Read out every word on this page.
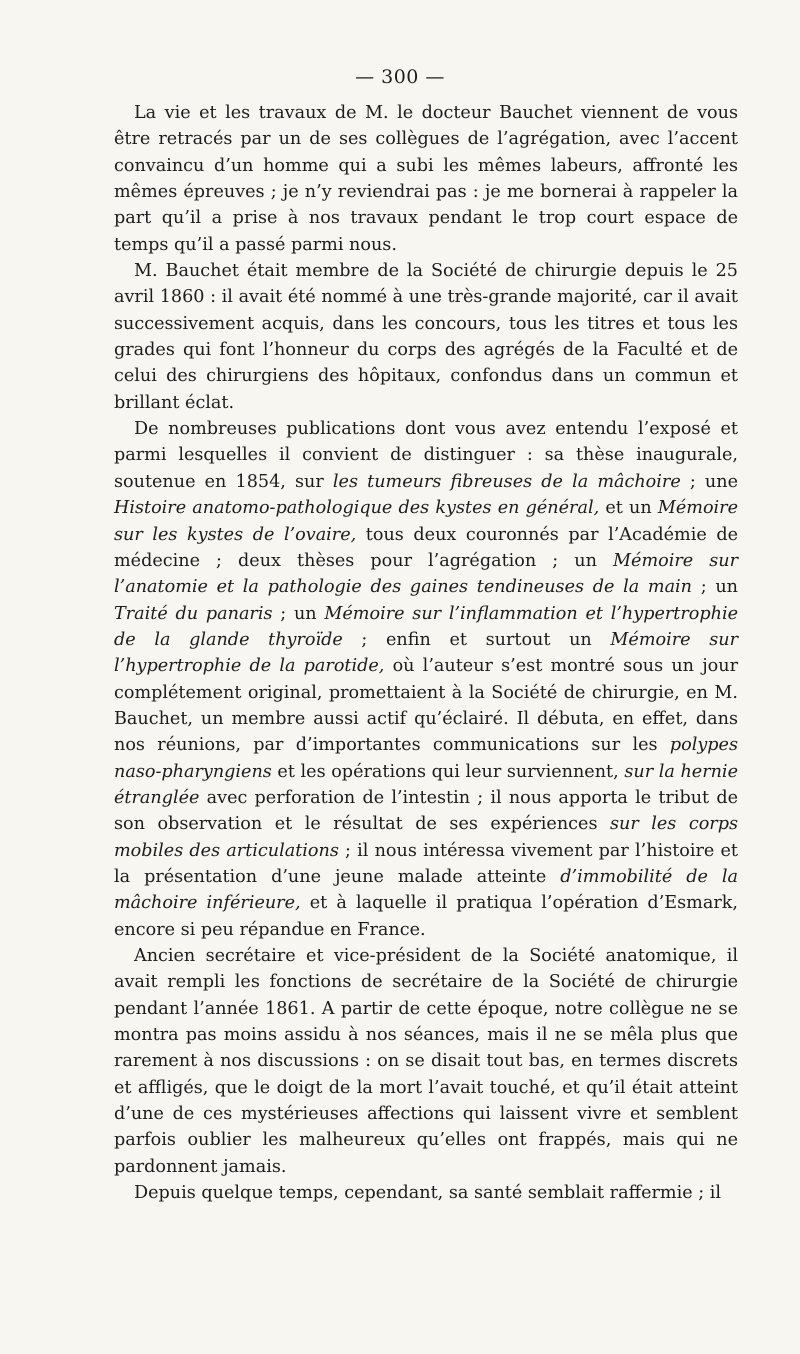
— 300 —

La vie et les travaux de M. le docteur Bauchet viennent de vous être retracés par un de ses collègues de l’agrégation, avec l’accent convaincu d’un homme qui a subi les mêmes labeurs, affronté les mêmes épreuves ; je n’y reviendrai pas : je me bornerai à rappeler la part qu’il a prise à nos travaux pendant le trop court espace de temps qu’il a passé parmi nous.

M. Bauchet était membre de la Société de chirurgie depuis le 25 avril 1860 : il avait été nommé à une très-grande majorité, car il avait successivement acquis, dans les concours, tous les titres et tous les grades qui font l’honneur du corps des agrégés de la Faculté et de celui des chirurgiens des hôpitaux, confondus dans un commun et brillant éclat.

De nombreuses publications dont vous avez entendu l’exposé et parmi lesquelles il convient de distinguer : sa thèse inaugurale, soutenue en 1854, sur les tumeurs fibreuses de la mâchoire ; une Histoire anatomo-pathologique des kystes en général, et un Mémoire sur les kystes de l’ovaire, tous deux couronnés par l’Académie de médecine ; deux thèses pour l’agrégation ; un Mémoire sur l’anatomie et la pathologie des gaines tendineuses de la main ; un Traité du panaris ; un Mémoire sur l’inflammation et l’hypertrophie de la glande thyroïde ; enfin et surtout un Mémoire sur l’hypertrophie de la parotide, où l’auteur s’est montré sous un jour complétement original, promettaient à la Société de chirurgie, en M. Bauchet, un membre aussi actif qu’éclairé. Il débuta, en effet, dans nos réunions, par d’importantes communications sur les polypes naso-pharyngiens et les opérations qui leur surviennent, sur la hernie étranglée avec perforation de l’intestin ; il nous apporta le tribut de son observation et le résultat de ses expériences sur les corps mobiles des articulations ; il nous intéressa vivement par l’histoire et la présentation d’une jeune malade atteinte d’immobilité de la mâchoire inférieure, et à laquelle il pratiqua l’opération d’Esmark, encore si peu répandue en France.

Ancien secrétaire et vice-président de la Société anatomique, il avait rempli les fonctions de secrétaire de la Société de chirurgie pendant l’année 1861. A partir de cette époque, notre collègue ne se montra pas moins assidu à nos séances, mais il ne se mêla plus que rarement à nos discussions : on se disait tout bas, en termes discrets et affligés, que le doigt de la mort l’avait touché, et qu’il était atteint d’une de ces mystérieuses affections qui laissent vivre et semblent parfois oublier les malheureux qu’elles ont frappés, mais qui ne pardonnent jamais.

Depuis quelque temps, cependant, sa santé semblait raffermie ; il
